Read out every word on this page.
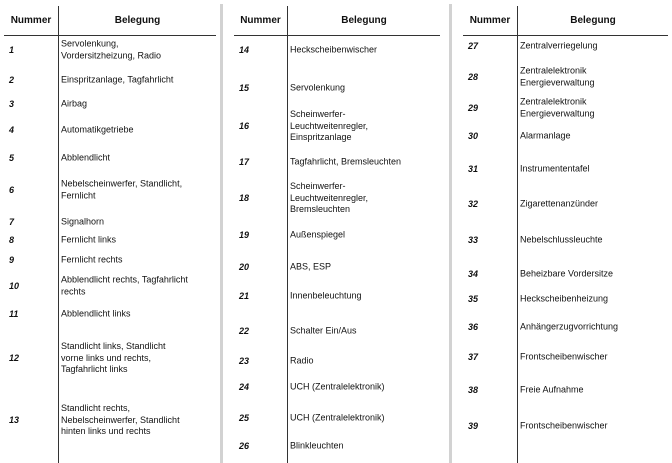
Nummer	Belegung
1
Servolenkung,
Vordersitzheizung, Radio
2	Einspritzanlage, Tagfahrlicht
3	Airbag
4	Automatikgetriebe
5	Abblendlicht
6
Nebelscheinwerfer, Standlicht,
Fernlicht
7	Signalhorn
8	Fernlicht links
9	Fernlicht rechts
10
Abblendlicht rechts, Tagfahrlicht
rechts
11	Abblendlicht links
12
Standlicht links, Standlicht
vorne links und rechts,
Tagfahrlicht links
13
Standlicht rechts,
Nebelscheinwerfer, Standlicht
hinten links und rechts
Nummer	Belegung
14	Heckscheibenwischer
15	Servolenkung
16
Scheinwerfer-
Leuchtweitenregler,
Einspritzanlage
17	Tagfahrlicht, Bremsleuchten
18
Scheinwerfer-
Leuchtweitenregler,
Bremsleuchten
19	Außenspiegel
20	ABS, ESP
21	Innenbeleuchtung
22	Schalter Ein/Aus
23	Radio
24	UCH (Zentralelektronik)
25	UCH (Zentralelektronik)
26	Blinkleuchten
Nummer	Belegung
27	Zentralverriegelung
28
Zentralelektronik
Energieverwaltung
29
Zentralelektronik
Energieverwaltung
30	Alarmanlage
31	Instrumententafel
32	Zigarettenanzünder
33	Nebelschlussleuchte
34	Beheizbare Vordersitze
35	Heckscheibenheizung
36	Anhängerzugvorrichtung
37	Frontscheibenwischer
38	Freie Aufnahme
39	Frontscheibenwischer
